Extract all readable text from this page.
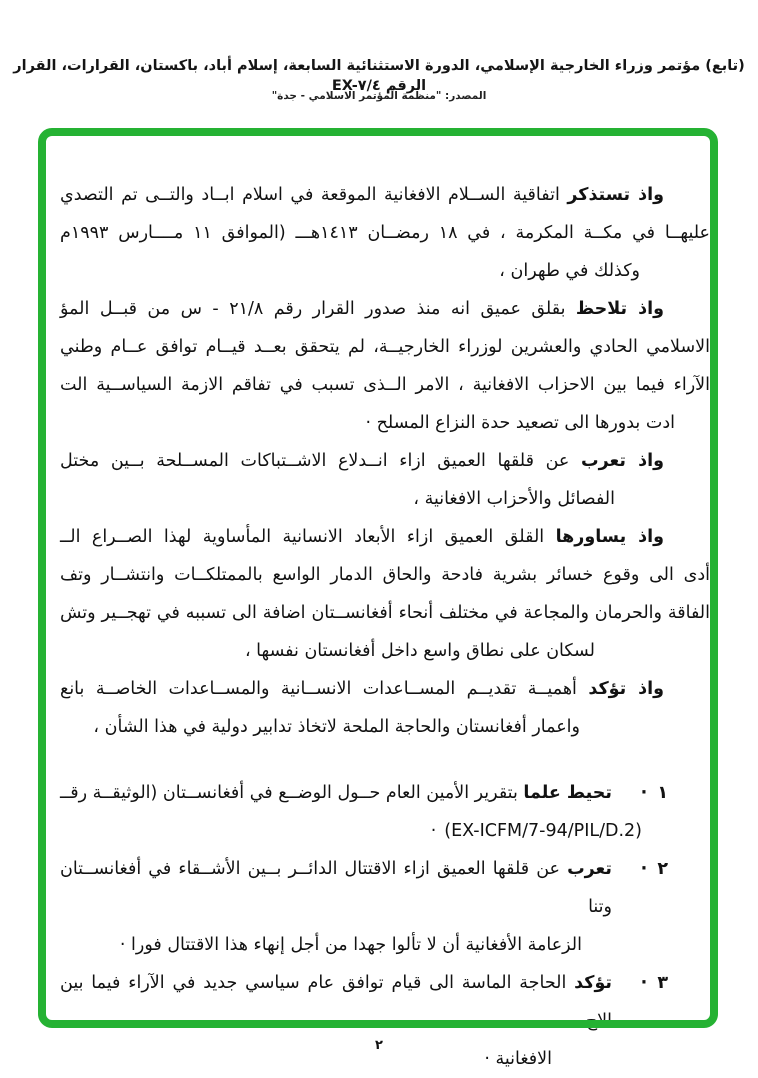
(تابع) مؤتمر وزراء الخارجية الإسلامي، الدورة الاستثنائية السابعة، إسلام أباد، باكستان، القرارات، القرار الرقم EX-٧/٤
المصدر: "منظمة المؤتمر الاسلامي - جدة"
واذ تستذكر اتفاقية الســلام الافغانية الموقعة في اسلام ابــاد والتــى تم التصدي
عليهــا في مكــة المكرمة ، في ١٨ رمضــان ١٤١٣هـــ (الموافق ١١ مــــارس ١٩٩٣م
وكذلك في طهران ،
واذ تلاحظ بقلق عميق انه منذ صدور القرار رقم ٢١/٨ - س من قبــل المؤ
الاسلامي الحادي والعشرين لوزراء الخارجيــة، لم يتحقق بعــد قيــام توافق عــام وطني
الآراء فيما بين الاحزاب الافغانية ، الامر الــذى تسبب في تفاقم الازمة السياســية الت
ادت بدورها الى تصعيد حدة النزاع المسلح ·
واذ تعرب عن قلقها العميق ازاء انــدلاع الاشــتباكات المســلحة بــين مختل
الفصائل والأحزاب الافغانية ،
واذ يساورها القلق العميق ازاء الأبعاد الانسانية المأساوية لهذا الصــراع الــ
أدى الى وقوع خسائر بشرية فادحة والحاق الدمار الواسع بالممتلكــات وانتشــار وتف
الفاقة والحرمان والمجاعة في مختلف أنحاء أفغانســتان اضافة الى تسببه في تهجــير وتش
لسكان على نطاق واسع داخل أفغانستان نفسها ،
واذ تؤكد أهميــة تقديــم المســاعدات الانســانية والمســاعدات الخاصــة بانع
واعمار أفغانستان والحاجة الملحة لاتخاذ تدابير دولية في هذا الشأن ،
١·
تحيط علما بتقرير الأمين العام حــول الوضــع في أفغانســتان (الوثيقــة رقــ
(EX-ICFM/7-94/PIL/D.2)·
٢·
تعرب عن قلقها العميق ازاء الاقتتال الدائــر بــين الأشــقاء في أفغانســتان وتنا
الزعامة الأفغانية أن لا تألوا جهدا من أجل إنهاء هذا الاقتتال فورا ·
٣·
تؤكد الحاجة الماسة الى قيام توافق عام سياسي جديد في الآراء فيما بين الاح
الافغانية ·
٢
